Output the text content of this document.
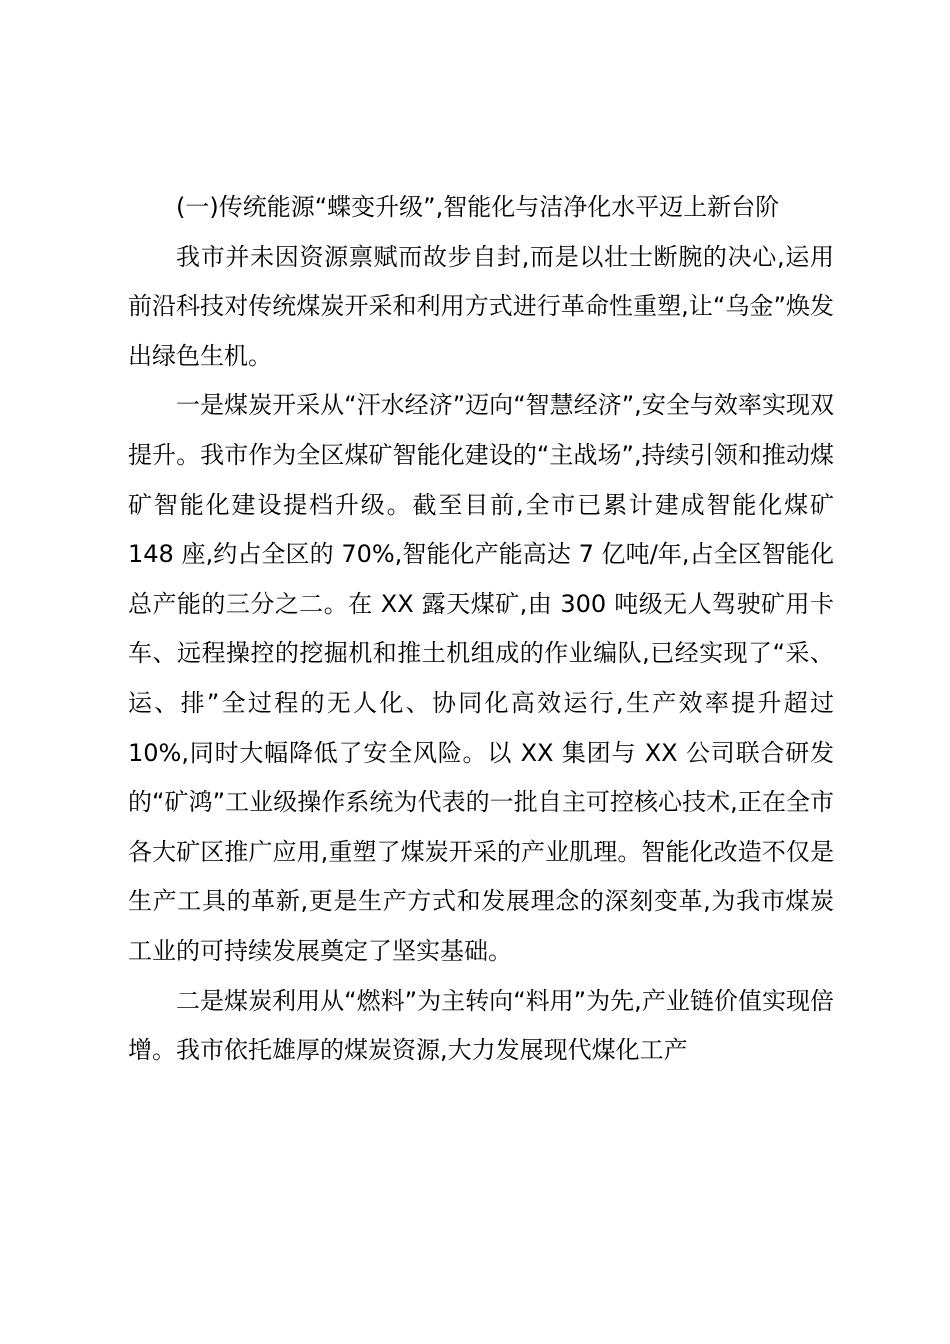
(一)传统能源“蝶变升级”,智能化与洁净化水平迈上新台阶

我市并未因资源禀赋而故步自封,而是以壮士断腕的决心,运用前沿科技对传统煤炭开采和利用方式进行革命性重塑,让“乌金”焕发出绿色生机。

一是煤炭开采从“汗水经济”迈向“智慧经济”,安全与效率实现双提升。我市作为全区煤矿智能化建设的“主战场”,持续引领和推动煤矿智能化建设提档升级。截至目前,全市已累计建成智能化煤矿 148 座,约占全区的 70%,智能化产能高达 7 亿吨/年,占全区智能化总产能的三分之二。在 XX 露天煤矿,由 300 吨级无人驾驶矿用卡车、远程操控的挖掘机和推土机组成的作业编队,已经实现了“采、运、排”全过程的无人化、协同化高效运行,生产效率提升超过 10%,同时大幅降低了安全风险。以 XX 集团与 XX 公司联合研发的“矿鸿”工业级操作系统为代表的一批自主可控核心技术,正在全市各大矿区推广应用,重塑了煤炭开采的产业肌理。智能化改造不仅是生产工具的革新,更是生产方式和发展理念的深刻变革,为我市煤炭工业的可持续发展奠定了坚实基础。

二是煤炭利用从“燃料”为主转向“料用”为先,产业链价值实现倍增。我市依托雄厚的煤炭资源,大力发展现代煤化工产
